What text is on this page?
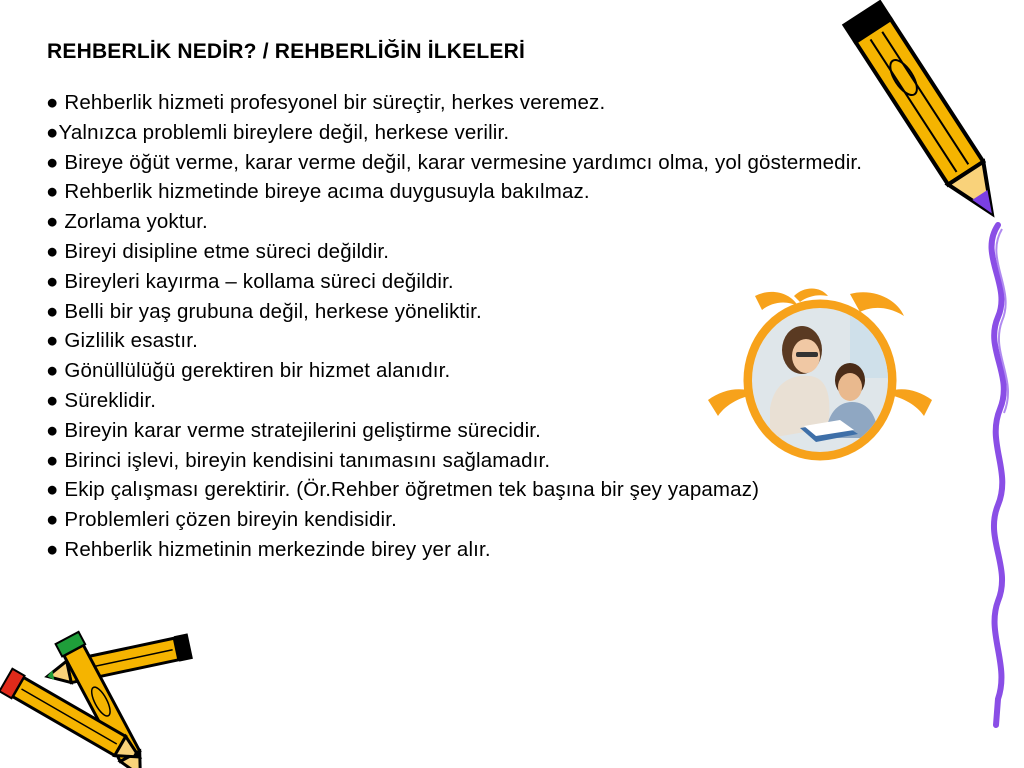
REHBERLİK NEDİR? / REHBERLİĞİN İLKELERİ
● Rehberlik hizmeti profesyonel bir süreçtir, herkes veremez.
●Yalnızca problemli bireylere değil, herkese verilir.
● Bireye öğüt verme, karar verme değil, karar vermesine yardımcı olma, yol göstermedir.
● Rehberlik hizmetinde bireye acıma duygusuyla bakılmaz.
● Zorlama yoktur.
● Bireyi disipline etme süreci değildir.
● Bireyleri kayırma – kollama süreci değildir.
● Belli bir yaş grubuna değil, herkese yöneliktir.
● Gizlilik esastır.
● Gönüllülüğü gerektiren bir hizmet alanıdır.
● Süreklidir.
● Bireyin karar verme stratejilerini geliştirme sürecidir.
● Birinci işlevi, bireyin kendisini tanımasını sağlamadır.
● Ekip çalışması gerektirir. (Ör.Rehber öğretmen tek başına bir şey yapamaz)
● Problemleri çözen bireyin kendisidir.
● Rehberlik hizmetinin merkezinde birey yer alır.
